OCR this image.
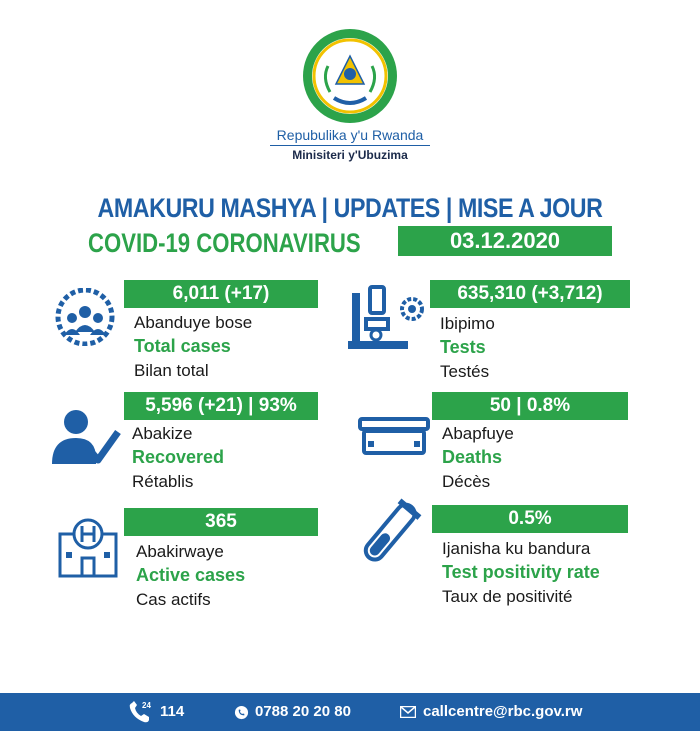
Repubulika y'u Rwanda
Minisiteri y'Ubuzima
AMAKURU MASHYA | UPDATES | MISE A JOUR
COVID-19 CORONAVIRUS	03.12.2020
6,011 (+17)
Abanduye bose
Total cases
Bilan total
635,310 (+3,712)
Ibipimo
Tests
Testés
5,596 (+21) | 93%
Abakize
Recovered
Rétablis
50 | 0.8%
Abapfuye
Deaths
Décès
365
Abakirwaye
Active cases
Cas actifs
0.5%
Ijanisha ku bandura
Test positivity rate
Taux de positivité
24 114	0788 20 20 80	callcentre@rbc.gov.rw
